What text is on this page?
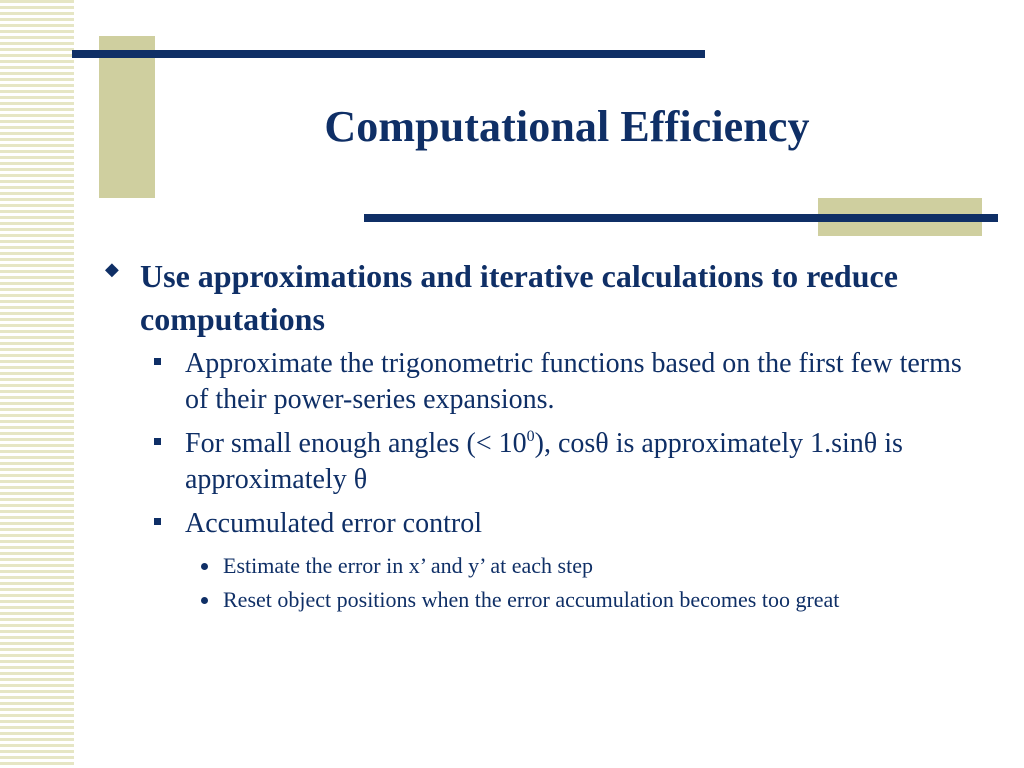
Computational Efficiency
◆ Use approximations and iterative calculations to reduce computations
Approximate the trigonometric functions based on the first few terms of their power-series expansions.
For small enough angles (< $10^0$), cosθ is approximately 1.sinθ is approximately θ
Accumulated error control
Estimate the error in x’ and y’ at each step
Reset object positions when the error accumulation becomes too great
